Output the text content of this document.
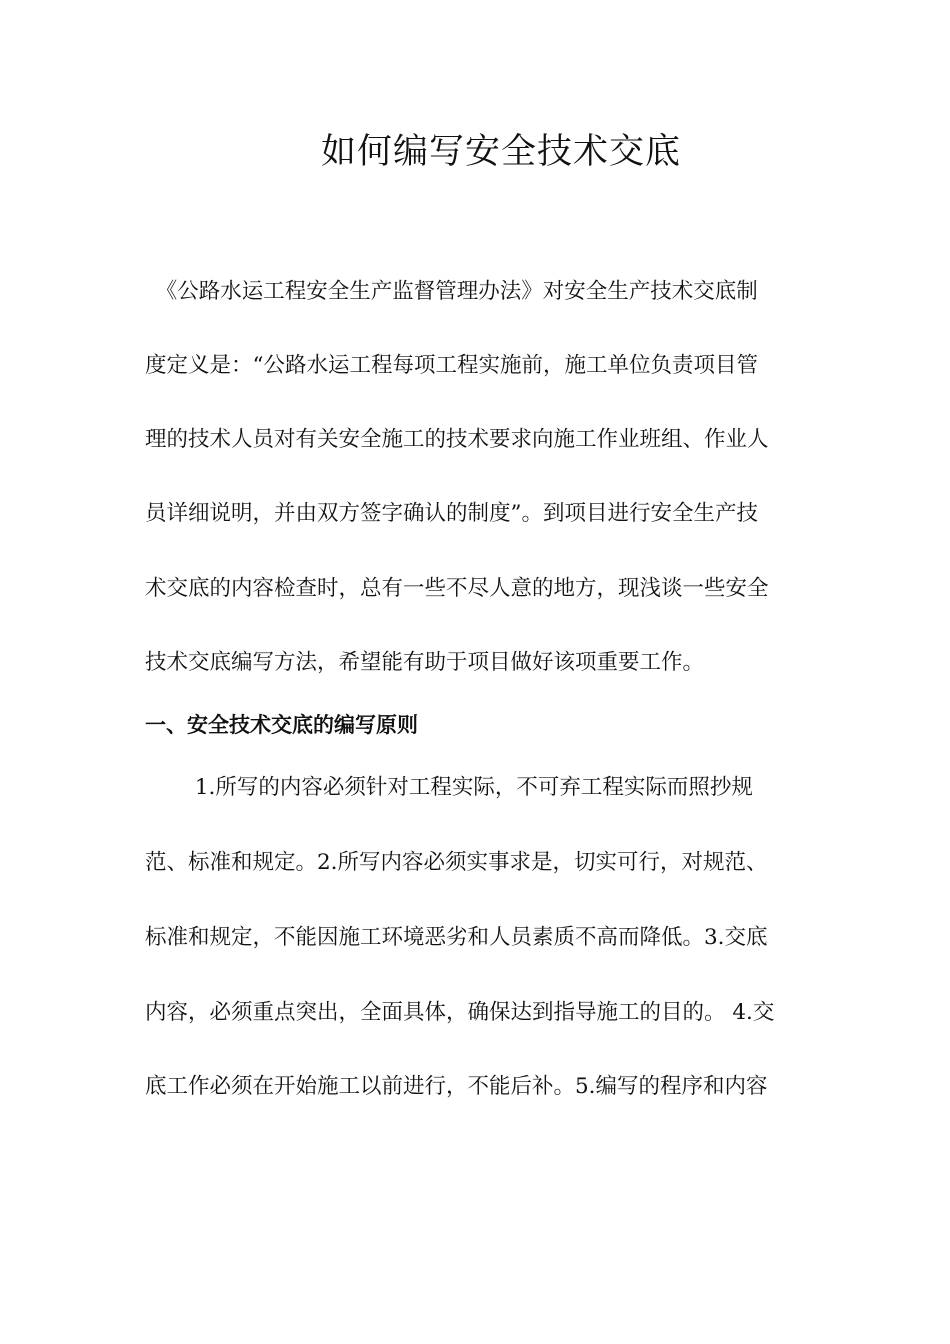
如何编写安全技术交底
　《公路水运工程安全生产监督管理办法》对安全生产技术交底制
度定义是：“公路水运工程每项工程实施前，施工单位负责项目管
理的技术人员对有关安全施工的技术要求向施工作业班组、作业人
员详细说明，并由双方签字确认的制度”。到项目进行安全生产技
术交底的内容检查时，总有一些不尽人意的地方，现浅谈一些安全
技术交底编写方法，希望能有助于项目做好该项重要工作。
一、安全技术交底的编写原则
　　 1.所写的内容必须针对工程实际，不可弃工程实际而照抄规
范、标准和规定。2.所写内容必须实事求是，切实可行，对规范、
标准和规定，不能因施工环境恶劣和人员素质不高而降低。3.交底
内容，必须重点突出，全面具体，确保达到指导施工的目的。 4.交
底工作必须在开始施工以前进行，不能后补。5.编写的程序和内容
